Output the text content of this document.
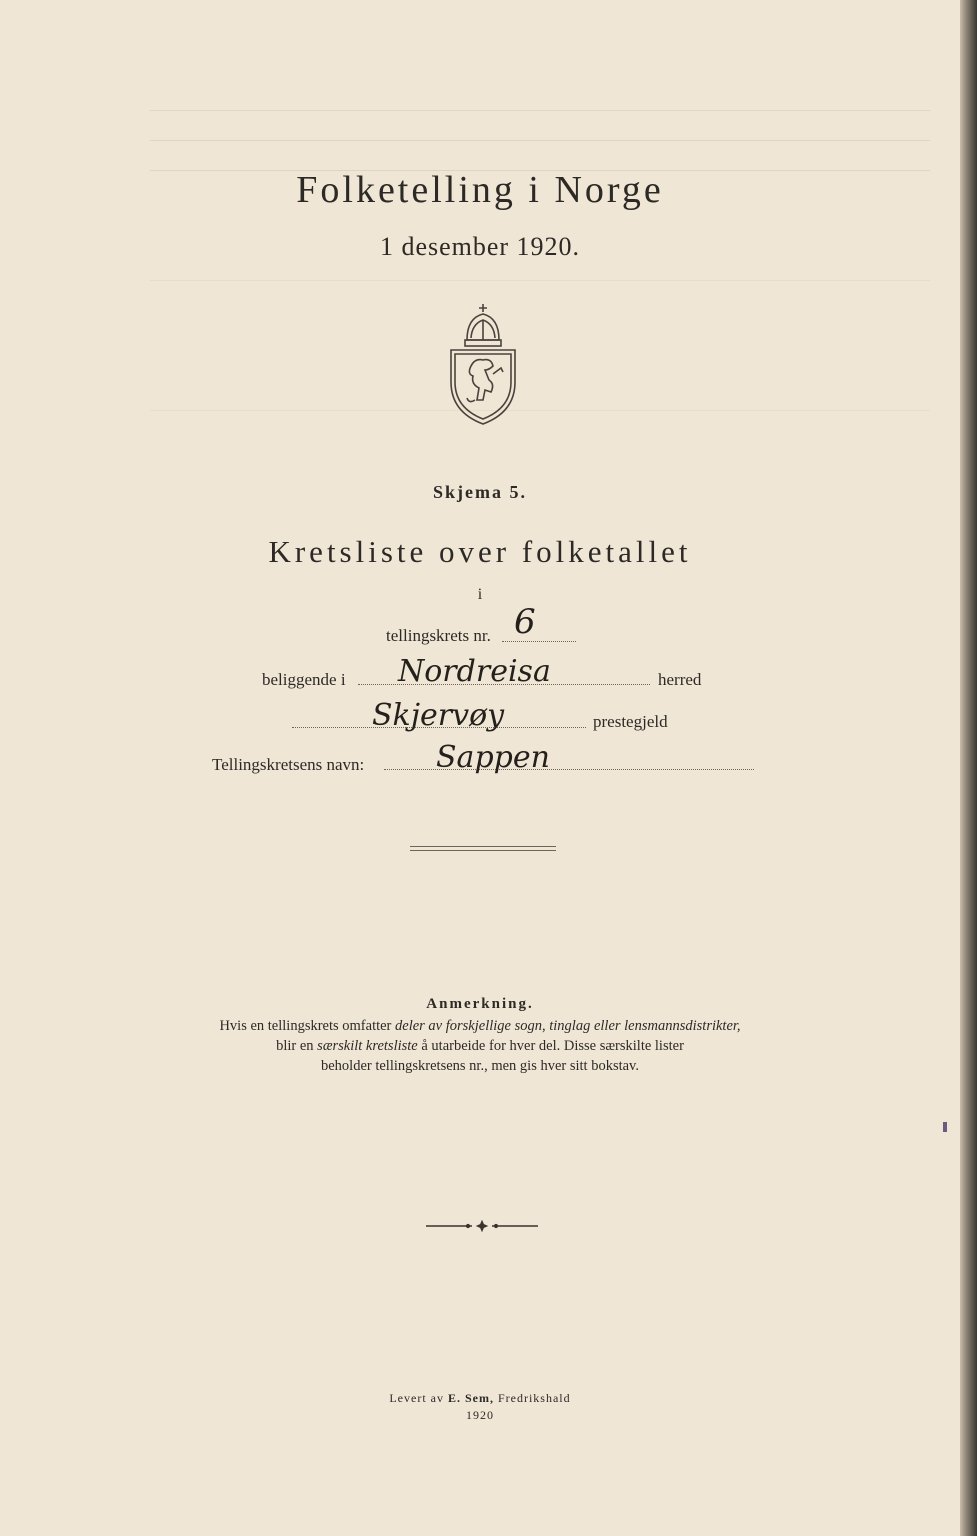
Folketelling i Norge
1 desember 1920.
Skjema 5.
Kretsliste over folketallet
i
tellingskrets nr. 6
beliggende i Nordreisa	herred
Skjervøy	prestegjeld
Tellingskretsens navn: Sappen
Anmerkning.
Hvis en tellingskrets omfatter deler av forskjellige sogn, tinglag eller lensmannsdistrikter,
blir en særskilt kretsliste å utarbeide for hver del. Disse særskilte lister
beholder tellingskretsens nr., men gis hver sitt bokstav.
Levert av E. Sem, Fredrikshald
1920
